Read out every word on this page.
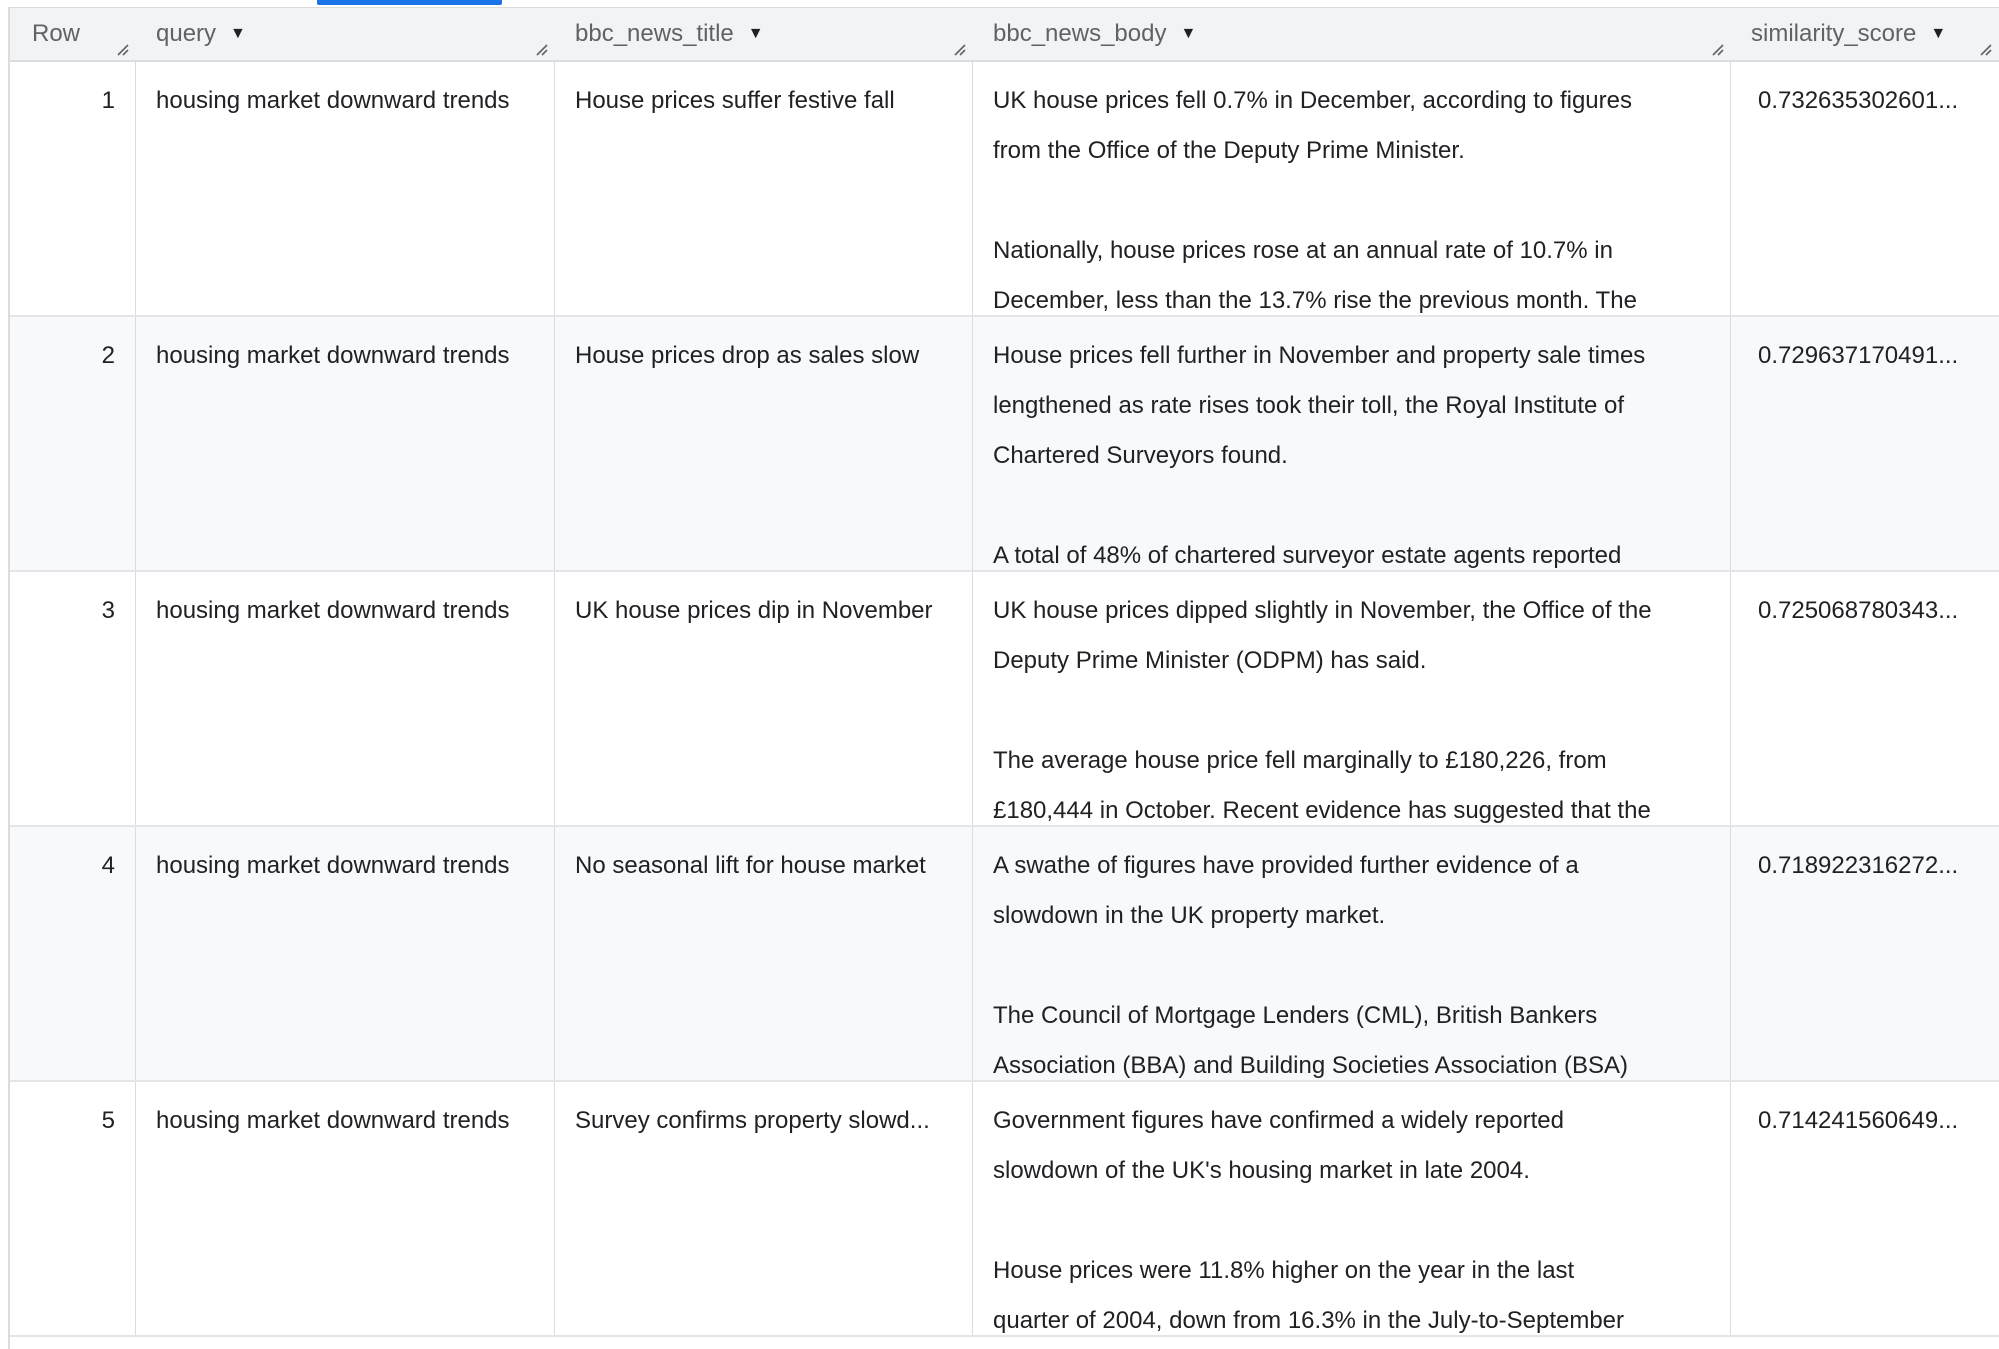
Row	query ▼	bbc_news_title ▼	bbc_news_body ▼	similarity_score ▼
1	housing market downward trends	House prices suffer festive fall	UK house prices fell 0.7% in December, according to figures
from the Office of the Deputy Prime Minister.
Nationally, house prices rose at an annual rate of 10.7% in
December, less than the 13.7% rise the previous month. The
0.732635302601...
2	housing market downward trends	House prices drop as sales slow	House prices fell further in November and property sale times
lengthened as rate rises took their toll, the Royal Institute of
Chartered Surveyors found.
A total of 48% of chartered surveyor estate agents reported
0.729637170491...
3	housing market downward trends	UK house prices dip in November	UK house prices dipped slightly in November, the Office of the
Deputy Prime Minister (ODPM) has said.
The average house price fell marginally to £180,226, from
£180,444 in October. Recent evidence has suggested that the
0.725068780343...
4	housing market downward trends	No seasonal lift for house market	A swathe of figures have provided further evidence of a
slowdown in the UK property market.
The Council of Mortgage Lenders (CML), British Bankers
Association (BBA) and Building Societies Association (BSA)
0.718922316272...
5	housing market downward trends	Survey confirms property slowd...	Government figures have confirmed a widely reported
slowdown of the UK's housing market in late 2004.
House prices were 11.8% higher on the year in the last
quarter of 2004, down from 16.3% in the July-to-September
0.714241560649...
